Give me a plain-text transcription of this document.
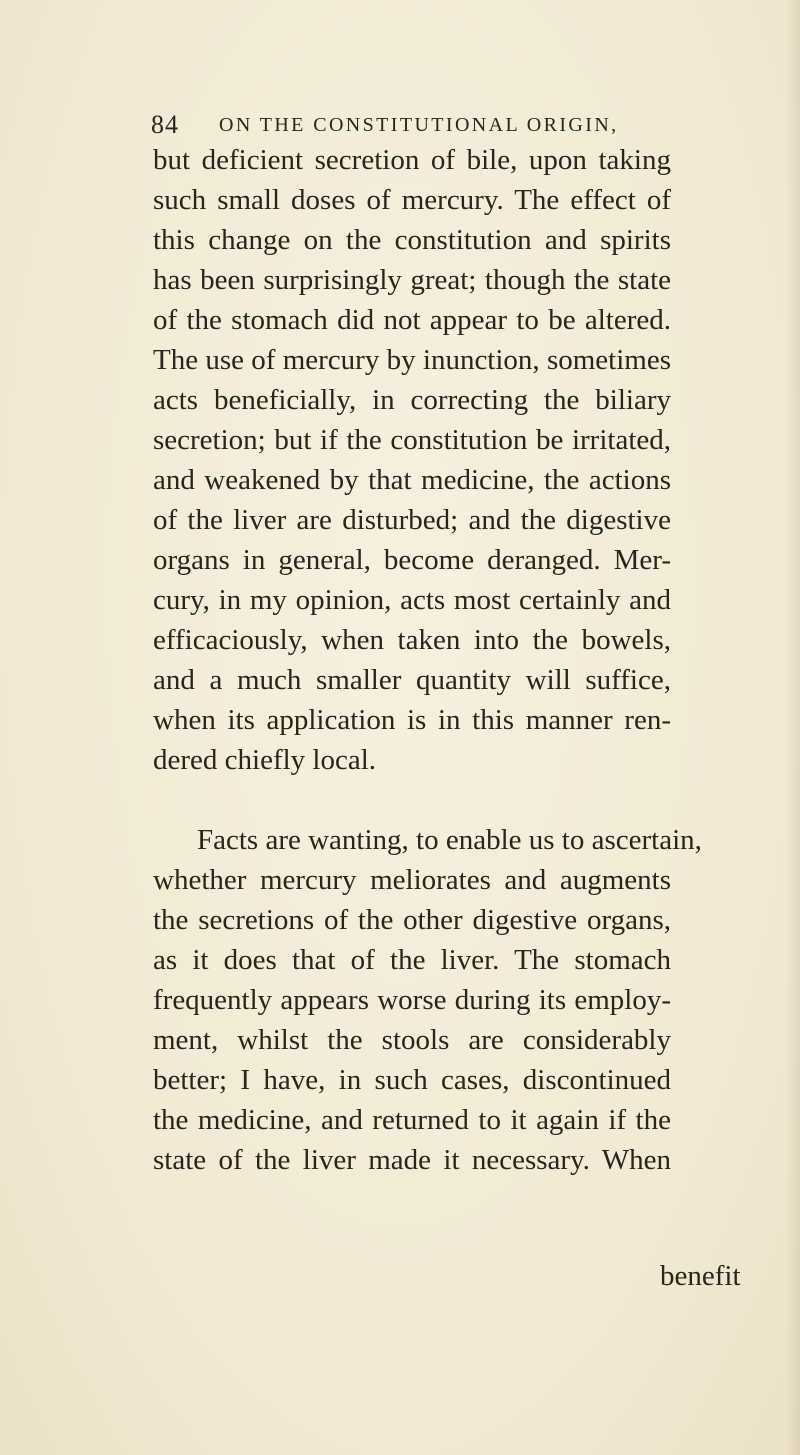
84 ON THE CONSTITUTIONAL ORIGIN,
but deficient secretion of bile, upon taking
such small doses of mercury. The effect of
this change on the constitution and spirits
has been surprisingly great; though the state
of the stomach did not appear to be altered.
The use of mercury by inunction, sometimes
acts beneficially, in correcting the biliary
secretion; but if the constitution be irritated,
and weakened by that medicine, the actions
of the liver are disturbed; and the digestive
organs in general, become deranged. Mer-
cury, in my opinion, acts most certainly and
efficaciously, when taken into the bowels,
and a much smaller quantity will suffice,
when its application is in this manner ren-
dered chiefly local.
Facts are wanting, to enable us to ascertain,
whether mercury meliorates and augments
the secretions of the other digestive organs,
as it does that of the liver. The stomach
frequently appears worse during its employ-
ment, whilst the stools are considerably
better; I have, in such cases, discontinued
the medicine, and returned to it again if the
state of the liver made it necessary. When
benefit
